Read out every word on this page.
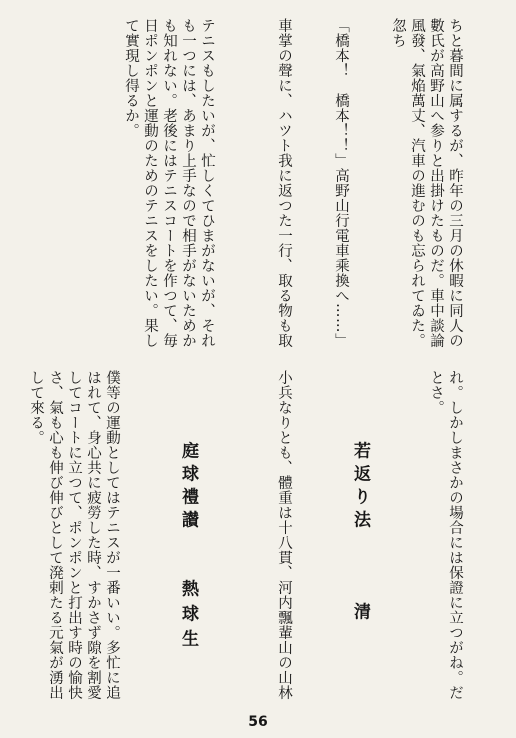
ちと暮間に属するが、昨年の三月の休暇に同人の數氏が高野山へ参りと出掛けたものだ。車中談論風發、氣焔萬丈、汽車の進むのも忘られてゐた。忽ち

「橋本！　橋本！！」高野山行電車乘換へ……」

車掌の聲に、ハツト我に返つた一行、取る物も取

れ。しかしまさかの場合には保證に立つがね。だとさ。

若返り法　　　清

小兵なりとも、體重は十八貫、河内飄輩山の山林

テニスもしたいが、忙しくてひまがないが、それも一つには、あまり上手なので相手がないためかも知れない。老後にはテニスコートを作つて、毎日ポンポンと運動のためのテニスをしたい。果して實現し得るか。

庭球禮讃　　熱球生

僕等の運動としてはテニスが一番いい。多忙に追はれて、身心共に疲勞した時、すかさず隙を割愛してコートに立つて、ポンポンと打出す時の愉快さ、氣も心も伸び伸びとして溌剌たる元氣が湧出して來る。

56
